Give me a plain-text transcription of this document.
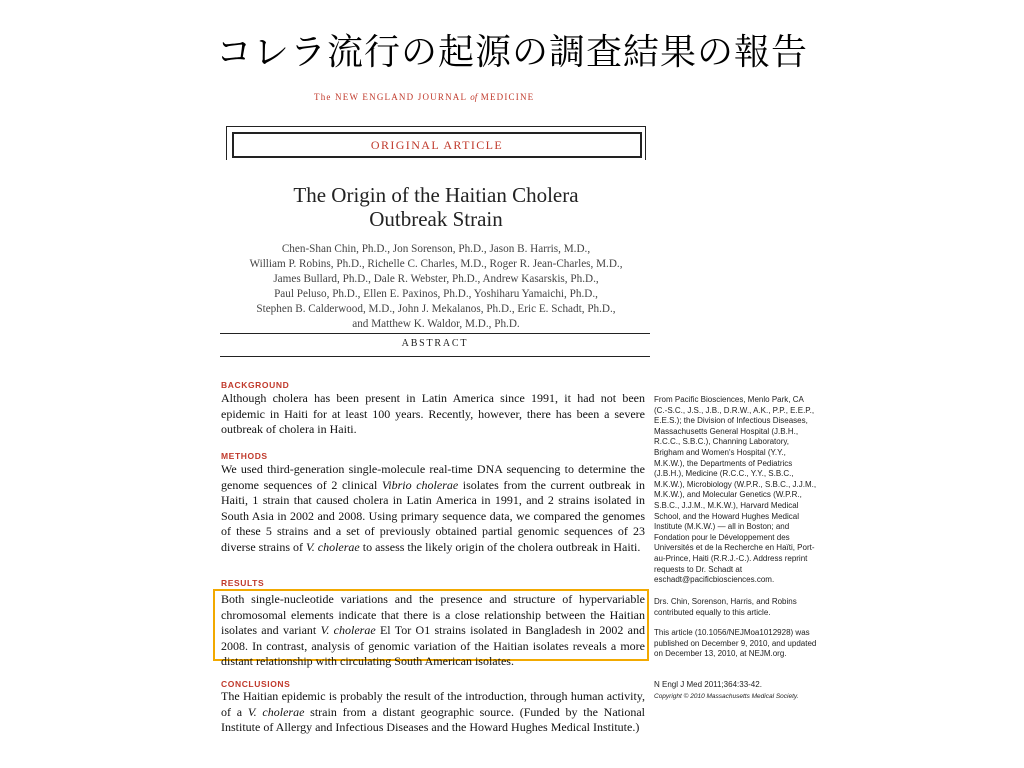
コレラ流行の起源の調査結果の報告
The NEW ENGLAND JOURNAL of MEDICINE
ORIGINAL ARTICLE
The Origin of the Haitian Cholera
Outbreak Strain
Chen-Shan Chin, Ph.D., Jon Sorenson, Ph.D., Jason B. Harris, M.D.,
William P. Robins, Ph.D., Richelle C. Charles, M.D., Roger R. Jean-Charles, M.D.,
James Bullard, Ph.D., Dale R. Webster, Ph.D., Andrew Kasarskis, Ph.D.,
Paul Peluso, Ph.D., Ellen E. Paxinos, Ph.D., Yoshiharu Yamaichi, Ph.D.,
Stephen B. Calderwood, M.D., John J. Mekalanos, Ph.D., Eric E. Schadt, Ph.D.,
and Matthew K. Waldor, M.D., Ph.D.
ABSTRACT
BACKGROUND
Although cholera has been present in Latin America since 1991, it had not been epidemic in Haiti for at least 100 years. Recently, however, there has been a severe outbreak of cholera in Haiti.
METHODS
We used third-generation single-molecule real-time DNA sequencing to determine the genome sequences of 2 clinical Vibrio cholerae isolates from the current outbreak in Haiti, 1 strain that caused cholera in Latin America in 1991, and 2 strains isolated in South Asia in 2002 and 2008. Using primary sequence data, we compared the genomes of these 5 strains and a set of previously obtained partial genomic sequences of 23 diverse strains of V. cholerae to assess the likely origin of the cholera outbreak in Haiti.
RESULTS
Both single-nucleotide variations and the presence and structure of hypervariable chromosomal elements indicate that there is a close relationship between the Haitian isolates and variant V. cholerae El Tor O1 strains isolated in Bangladesh in 2002 and 2008. In contrast, analysis of genomic variation of the Haitian isolates reveals a more distant relationship with circulating South American isolates.
CONCLUSIONS
The Haitian epidemic is probably the result of the introduction, through human activity, of a V. cholerae strain from a distant geographic source. (Funded by the National Institute of Allergy and Infectious Diseases and the Howard Hughes Medical Institute.)
From Pacific Biosciences, Menlo Park, CA (C.-S.C., J.S., J.B., D.R.W., A.K., P.P., E.E.P., E.E.S.); the Division of Infectious Diseases, Massachusetts General Hospital (J.B.H., R.C.C., S.B.C.), Channing Laboratory, Brigham and Women's Hospital (Y.Y., M.K.W.), the Departments of Pediatrics (J.B.H.), Medicine (R.C.C., Y.Y., S.B.C., M.K.W.), Microbiology (W.P.R., S.B.C., J.J.M., M.K.W.), and Molecular Genetics (W.P.R., S.B.C., J.J.M., M.K.W.), Harvard Medical School, and the Howard Hughes Medical Institute (M.K.W.) — all in Boston; and Fondation pour le Développement des Universités et de la Recherche en Haïti, Port-au-Prince, Haiti (R.R.J.-C.). Address reprint requests to Dr. Schadt at eschadt@pacificbiosciences.com.
Drs. Chin, Sorenson, Harris, and Robins contributed equally to this article.
This article (10.1056/NEJMoa1012928) was published on December 9, 2010, and updated on December 13, 2010, at NEJM.org.
N Engl J Med 2011;364:33-42.
Copyright © 2010 Massachusetts Medical Society.
